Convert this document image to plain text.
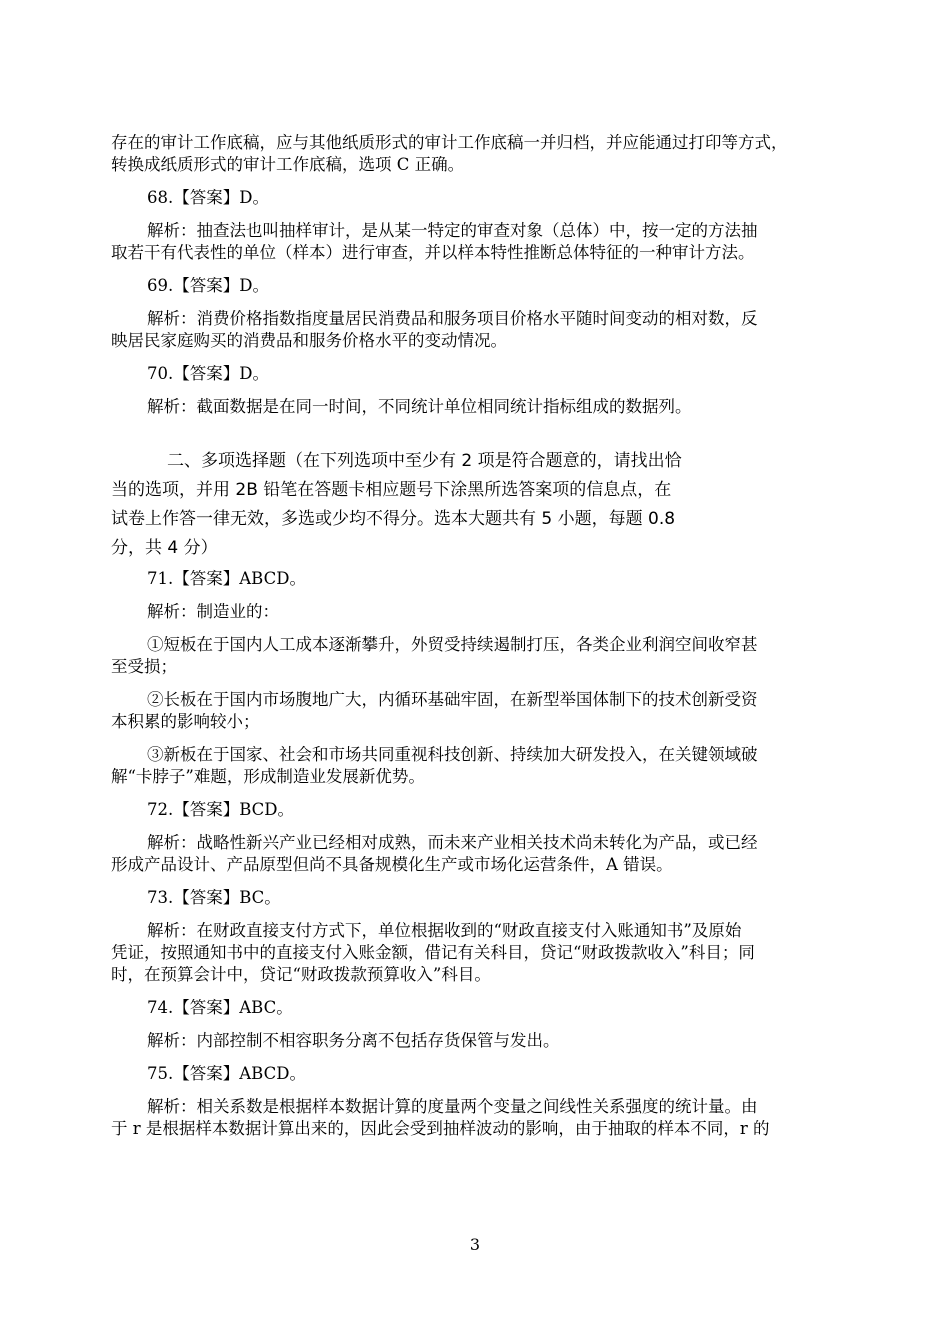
存在的审计工作底稿，应与其他纸质形式的审计工作底稿一并归档，并应能通过打印等方式，
转换成纸质形式的审计工作底稿，选项 C 正确。
68.【答案】D。
解析：抽查法也叫抽样审计，是从某一特定的审查对象（总体）中，按一定的方法抽
取若干有代表性的单位（样本）进行审查，并以样本特性推断总体特征的一种审计方法。
69.【答案】D。
解析：消费价格指数指度量居民消费品和服务项目价格水平随时间变动的相对数，反
映居民家庭购买的消费品和服务价格水平的变动情况。
70.【答案】D。
解析：截面数据是在同一时间，不同统计单位相同统计指标组成的数据列。
二、多项选择题（在下列选项中至少有 2 项是符合题意的，请找出恰
当的选项，并用 2B 铅笔在答题卡相应题号下涂黑所选答案项的信息点，在
试卷上作答一律无效，多选或少均不得分。选本大题共有 5 小题，每题 0.8
分，共 4 分）
71.【答案】ABCD。
解析：制造业的：
①短板在于国内人工成本逐渐攀升，外贸受持续遏制打压，各类企业利润空间收窄甚
至受损；
②长板在于国内市场腹地广大，内循环基础牢固，在新型举国体制下的技术创新受资
本积累的影响较小；
③新板在于国家、社会和市场共同重视科技创新、持续加大研发投入，在关键领域破
解“卡脖子”难题，形成制造业发展新优势。
72.【答案】BCD。
解析：战略性新兴产业已经相对成熟，而未来产业相关技术尚未转化为产品，或已经
形成产品设计、产品原型但尚不具备规模化生产或市场化运营条件，A 错误。
73.【答案】BC。
解析：在财政直接支付方式下，单位根据收到的“财政直接支付入账通知书”及原始
凭证，按照通知书中的直接支付入账金额，借记有关科目，贷记“财政拨款收入”科目；同
时，在预算会计中，贷记“财政拨款预算收入”科目。
74.【答案】ABC。
解析：内部控制不相容职务分离不包括存货保管与发出。
75.【答案】ABCD。
解析：相关系数是根据样本数据计算的度量两个变量之间线性关系强度的统计量。由
于 r 是根据样本数据计算出来的，因此会受到抽样波动的影响，由于抽取的样本不同，r 的
3
